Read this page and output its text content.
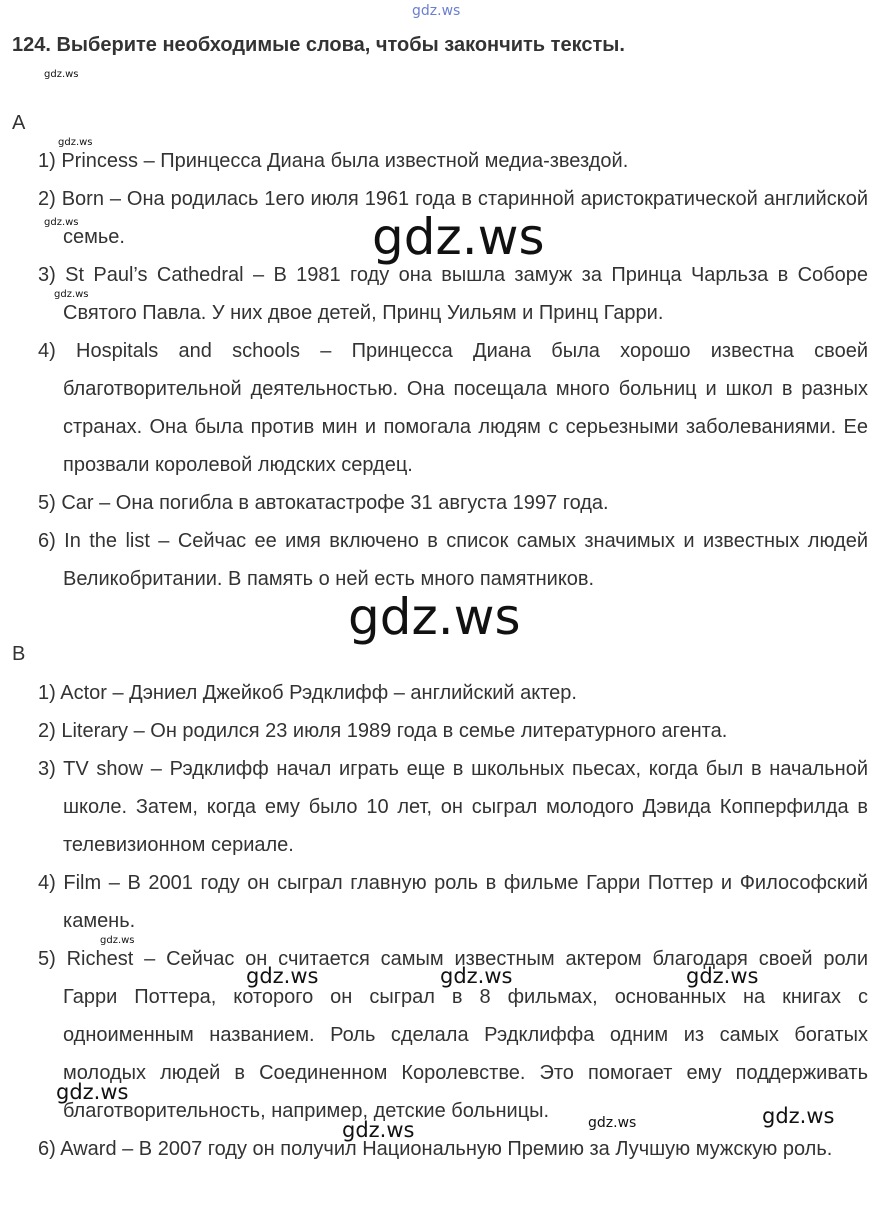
gdz.ws
124. Выберите необходимые слова, чтобы закончить тексты.
gdz.ws
A
gdz.ws
1) Princess – Принцесса Диана была известной медиа-звездой.
2) Born – Она родилась 1его июля 1961 года в старинной аристократической английской семье.
gdz.ws	gdz.ws
3) St Paul’s Cathedral – В 1981 году она вышла замуж за Принца Чарльза в Соборе Святого Павла. У них двое детей, Принц Уильям и Принц Гарри.
gdz.ws
4) Hospitals and schools – Принцесса Диана была хорошо известна своей благотворительной деятельностью. Она посещала много больниц и школ в разных странах. Она была против мин и помогала людям с серьезными заболеваниями. Ее прозвали королевой людских сердец.
5) Car – Она погибла в автокатастрофе 31 августа 1997 года.
6) In the list – Сейчас ее имя включено в список самых значимых и известных людей Великобритании. В память о ней есть много памятников.
gdz.ws
B
1) Actor – Дэниел Джейкоб Рэдклифф – английский актер.
2) Literary – Он родился 23 июля 1989 года в семье литературного агента.
3) TV show – Рэдклифф начал играть еще в школьных пьесах, когда был в начальной школе. Затем, когда ему было 10 лет, он сыграл молодого Дэвида Копперфилда в телевизионном сериале.
4) Film – В 2001 году он сыграл главную роль в фильме Гарри Поттер и Философский камень.
gdz.ws
5) Richest – Сейчас он считается самым известным актером благодаря своей роли Гарри Поттера, которого он сыграл в 8 фильмах, основанных на книгах с одноименным названием. Роль сделала Рэдклиффа одним из самых богатых молодых людей в Соединенном Королевстве. Это помогает ему поддерживать благотворительность, например, детские больницы.
6) Award – В 2007 году он получил Национальную Премию за Лучшую мужскую роль.
gdz.ws	gdz.ws	gdz.ws
gdz.ws
gdz.ws
gdz.ws	gdz.ws
